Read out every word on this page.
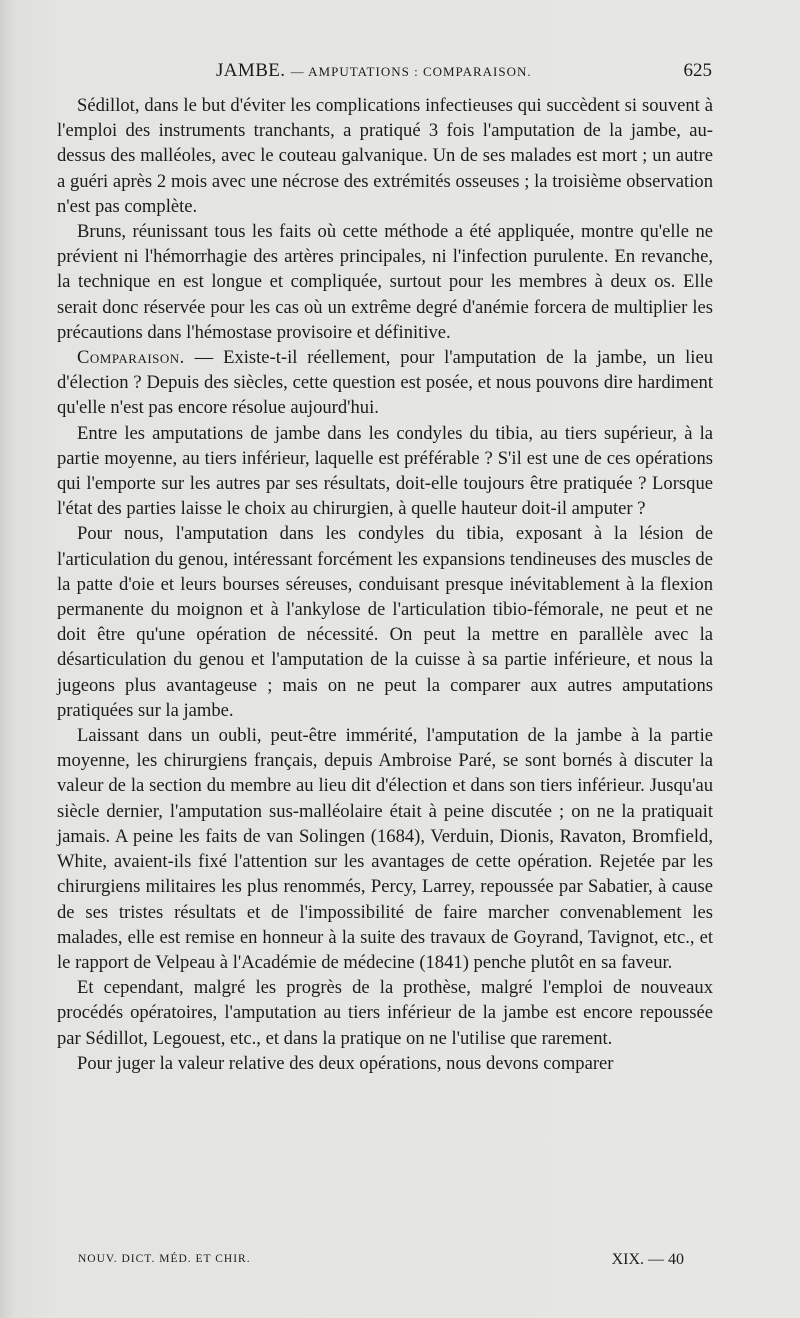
JAMBE. — AMPUTATIONS : COMPARAISON.	625

Sédillot, dans le but d'éviter les complications infectieuses qui succèdent si souvent à l'emploi des instruments tranchants, a pratiqué 3 fois l'amputation de la jambe, au-dessus des malléoles, avec le couteau galvanique. Un de ses malades est mort ; un autre a guéri après 2 mois avec une nécrose des extrémités osseuses ; la troisième observation n'est pas complète.

Bruns, réunissant tous les faits où cette méthode a été appliquée, montre qu'elle ne prévient ni l'hémorrhagie des artères principales, ni l'infection purulente. En revanche, la technique en est longue et compliquée, surtout pour les membres à deux os. Elle serait donc réservée pour les cas où un extrême degré d'anémie forcera de multiplier les précautions dans l'hémostase provisoire et définitive.

Comparaison. — Existe-t-il réellement, pour l'amputation de la jambe, un lieu d'élection ? Depuis des siècles, cette question est posée, et nous pouvons dire hardiment qu'elle n'est pas encore résolue aujourd'hui.

Entre les amputations de jambe dans les condyles du tibia, au tiers supérieur, à la partie moyenne, au tiers inférieur, laquelle est préférable ? S'il est une de ces opérations qui l'emporte sur les autres par ses résultats, doit-elle toujours être pratiquée ? Lorsque l'état des parties laisse le choix au chirurgien, à quelle hauteur doit-il amputer ?

Pour nous, l'amputation dans les condyles du tibia, exposant à la lésion de l'articulation du genou, intéressant forcément les expansions tendineuses des muscles de la patte d'oie et leurs bourses séreuses, conduisant presque inévitablement à la flexion permanente du moignon et à l'ankylose de l'articulation tibio-fémorale, ne peut et ne doit être qu'une opération de nécessité. On peut la mettre en parallèle avec la désarticulation du genou et l'amputation de la cuisse à sa partie inférieure, et nous la jugeons plus avantageuse ; mais on ne peut la comparer aux autres amputations pratiquées sur la jambe.

Laissant dans un oubli, peut-être immérité, l'amputation de la jambe à la partie moyenne, les chirurgiens français, depuis Ambroise Paré, se sont bornés à discuter la valeur de la section du membre au lieu dit d'élection et dans son tiers inférieur. Jusqu'au siècle dernier, l'amputation sus-malléolaire était à peine discutée ; on ne la pratiquait jamais. A peine les faits de van Solingen (1684), Verduin, Dionis, Ravaton, Bromfield, White, avaient-ils fixé l'attention sur les avantages de cette opération. Rejetée par les chirurgiens militaires les plus renommés, Percy, Larrey, repoussée par Sabatier, à cause de ses tristes résultats et de l'impossibilité de faire marcher convenablement les malades, elle est remise en honneur à la suite des travaux de Goyrand, Tavignot, etc., et le rapport de Velpeau à l'Académie de médecine (1841) penche plutôt en sa faveur.

Et cependant, malgré les progrès de la prothèse, malgré l'emploi de nouveaux procédés opératoires, l'amputation au tiers inférieur de la jambe est encore repoussée par Sédillot, Legouest, etc., et dans la pratique on ne l'utilise que rarement.

Pour juger la valeur relative des deux opérations, nous devons comparer

NOUV. DICT. MÉD. ET CHIR.	XIX. — 40
